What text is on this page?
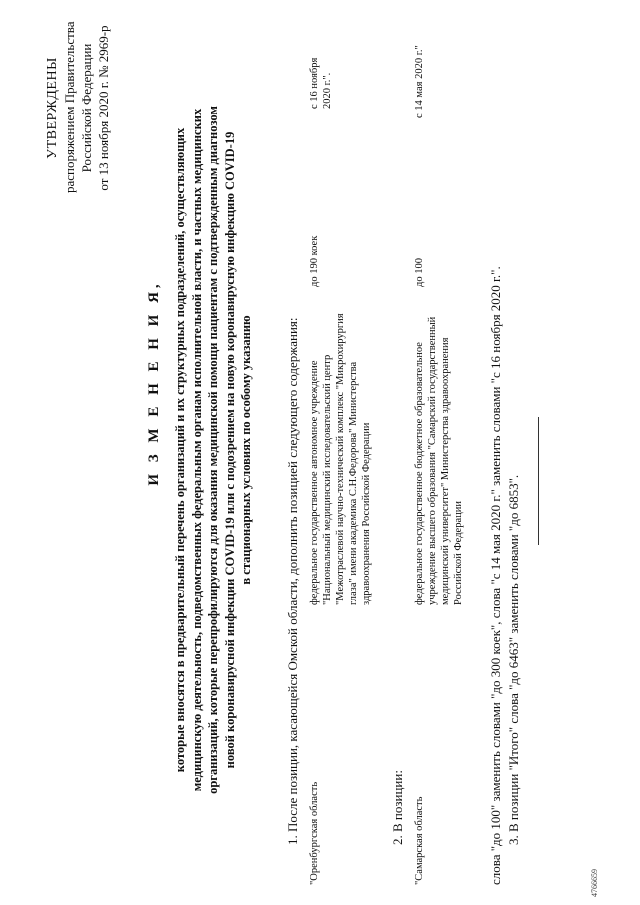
УТВЕРЖДЕНЫ распоряжением Правительства Российской Федерации от 13 ноября 2020 г. № 2969-р
И З М Е Н Е Н И Я, которые вносятся в предварительный перечень организаций и их структурных подразделений, осуществляющих медицинскую деятельность, подведомственных федеральным органам исполнительной власти, и частных медицинских организаций, которые перепрофилируются для оказания медицинской помощи пациентам с подтвержденным диагнозом новой коронавирусной инфекции COVID-19 или с подозрением на новую коронавирусную инфекцию COVID-19 в стационарных условиях по особому указанию 1. После позиции, касающейся Омской области, дополнить позицией следующего содержания: "Оренбургская область
федеральное государственное автономное учреждение "Национальный медицинский исследовательский центр "Межотраслевой научно-технический комплекс "Микрохирургия глаза" имени академика С.Н.Федорова" Министерства здравоохранения Российской Федерации
до 190 коек
с 16 ноября 2020 г.".
2. В позиции: "Самарская область
федеральное государственное бюджетное образовательное учреждение высшего образования "Самарский государственный медицинский университет" Министерства здравоохранения Российской Федерации
до 100
с 14 мая 2020 г."
слова "до 100" заменить словами "до 300 коек", слова "с 14 мая 2020 г." заменить словами "с 16 ноября 2020 г.". 3. В позиции "Итого" слова "до 6463" заменить словами "до 6853".
4766659
